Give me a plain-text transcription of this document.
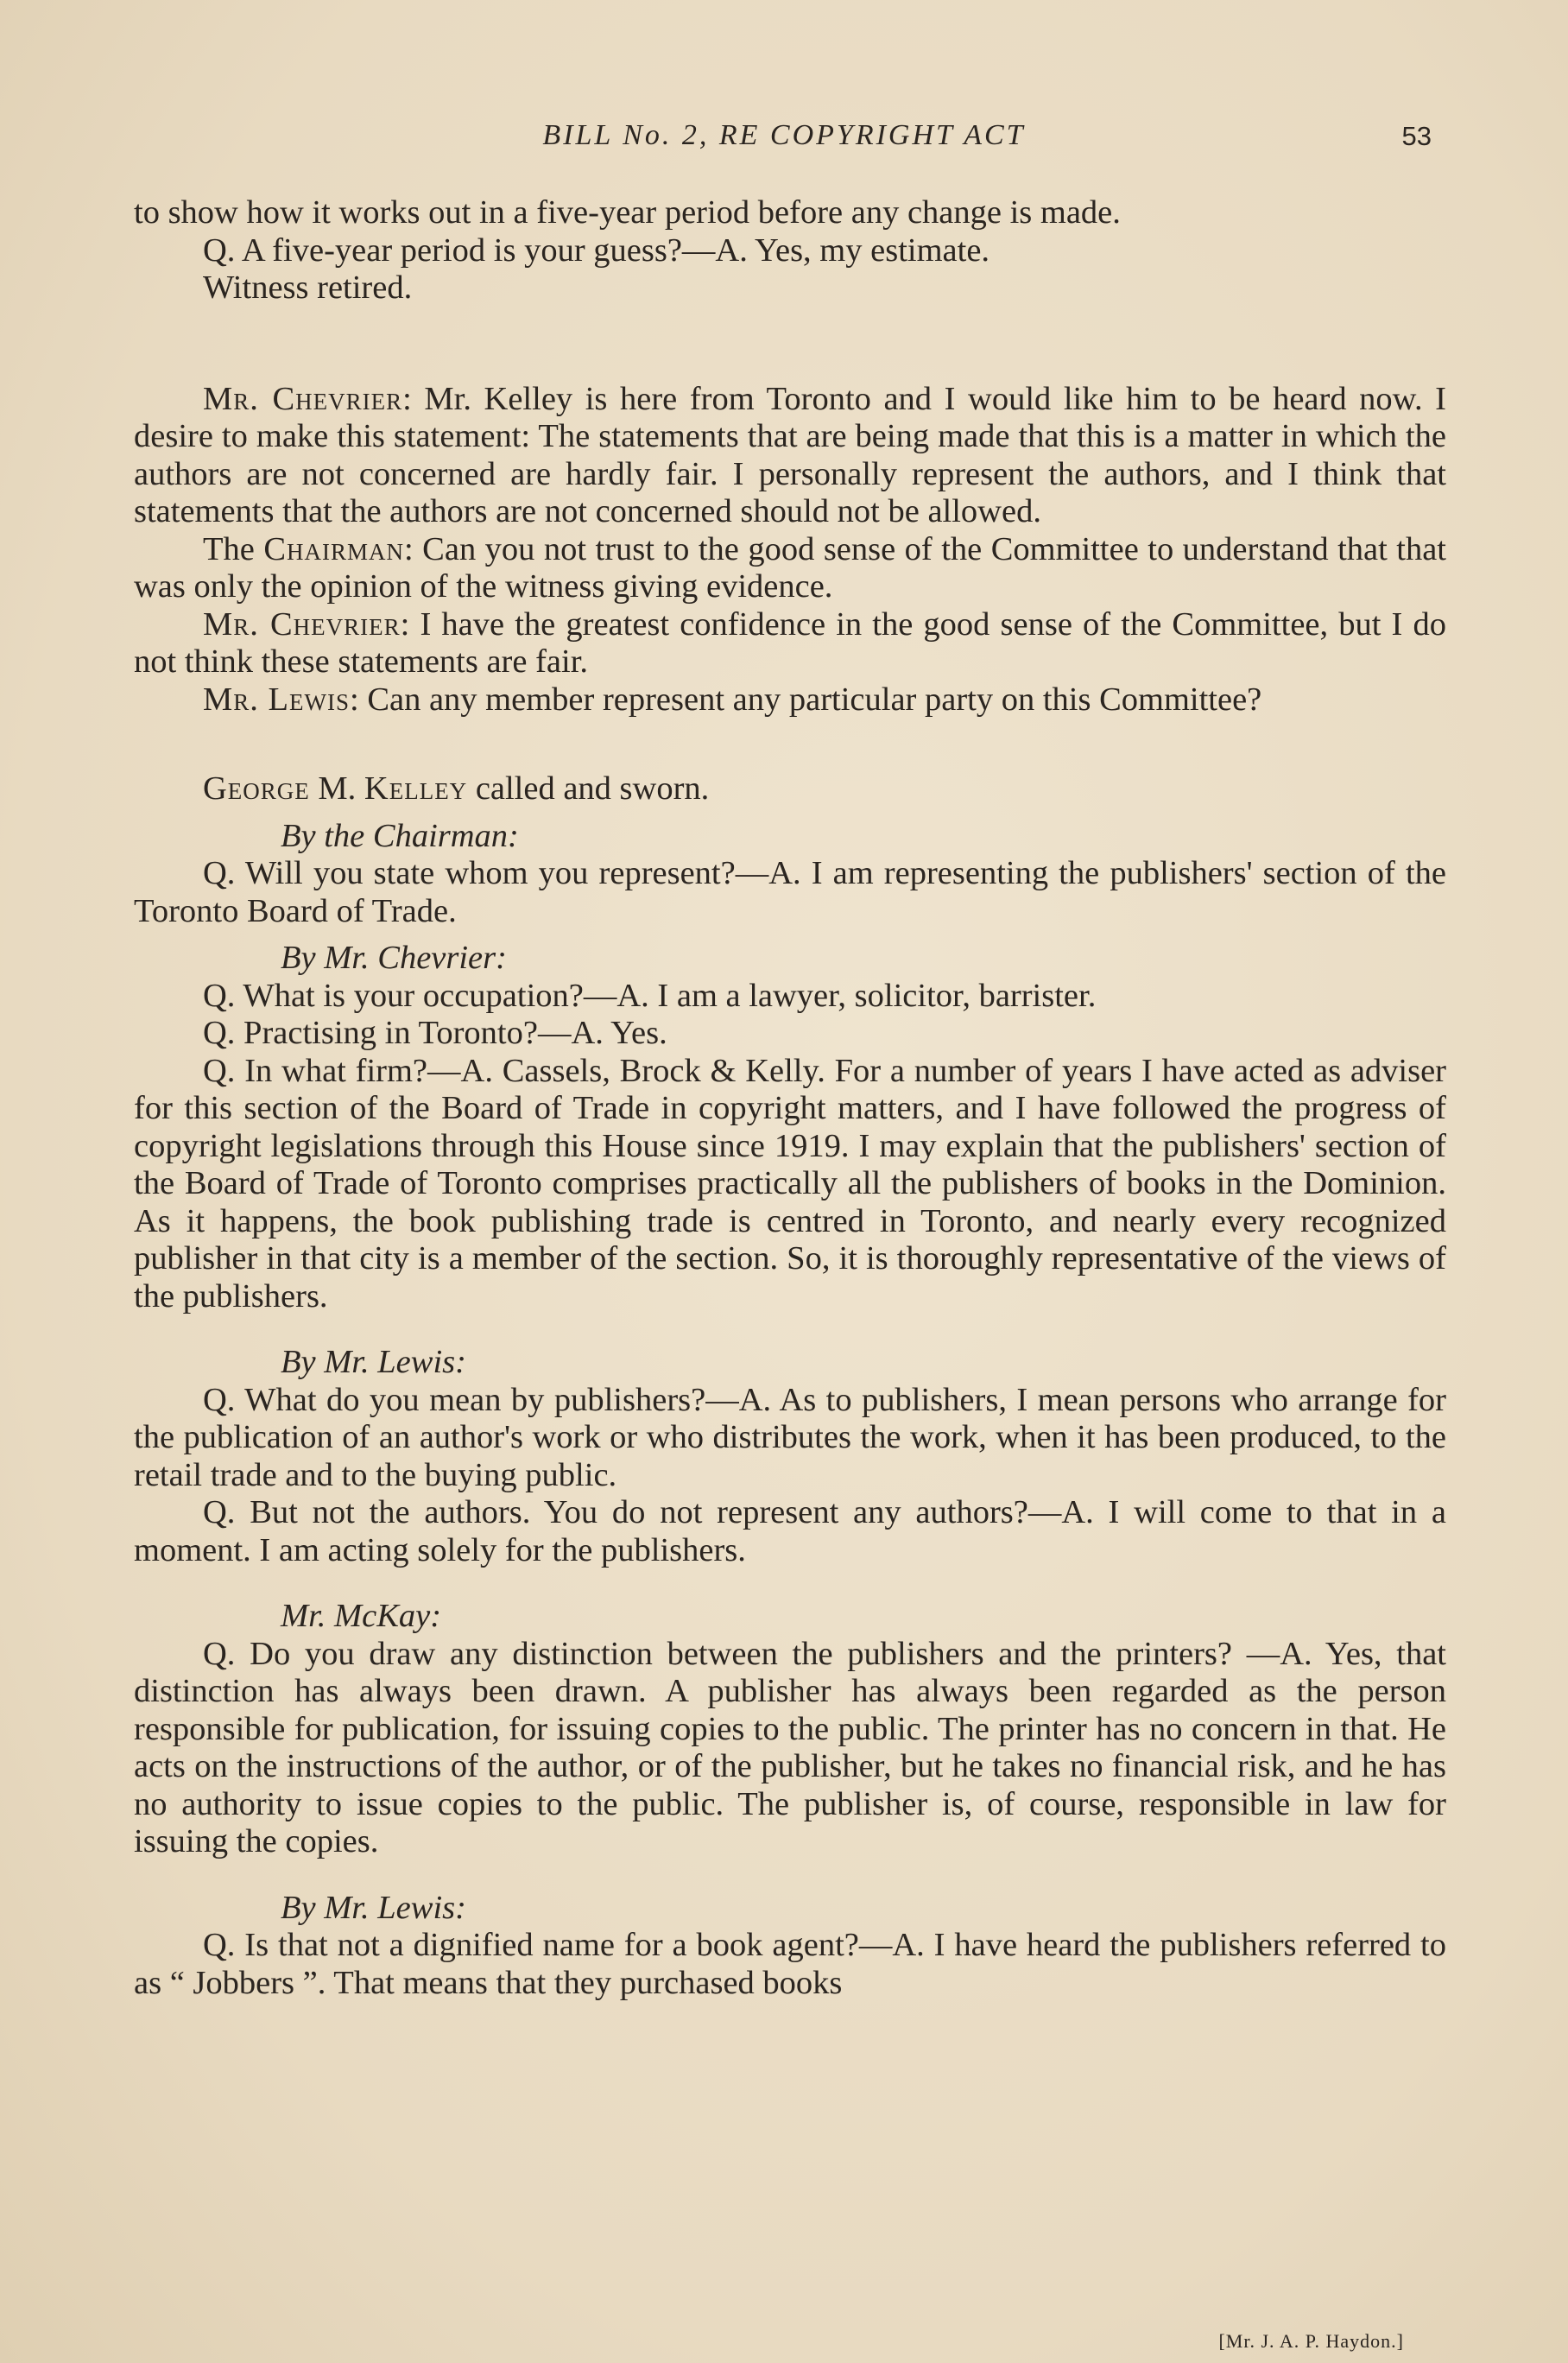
BILL No. 2, RE COPYRIGHT ACT	53

to show how it works out in a five-year period before any change is made.

Q. A five-year period is your guess?—A. Yes, my estimate.

Witness retired.

Mr. Chevrier: Mr. Kelley is here from Toronto and I would like him to be heard now. I desire to make this statement: The statements that are being made that this is a matter in which the authors are not concerned are hardly fair. I personally represent the authors, and I think that statements that the authors are not concerned should not be allowed.

The Chairman: Can you not trust to the good sense of the Committee to understand that that was only the opinion of the witness giving evidence.

Mr. Chevrier: I have the greatest confidence in the good sense of the Committee, but I do not think these statements are fair.

Mr. Lewis: Can any member represent any particular party on this Committee?

George M. Kelley called and sworn.

By the Chairman:

Q. Will you state whom you represent?—A. I am representing the publishers' section of the Toronto Board of Trade.

By Mr. Chevrier:

Q. What is your occupation?—A. I am a lawyer, solicitor, barrister.

Q. Practising in Toronto?—A. Yes.

Q. In what firm?—A. Cassels, Brock & Kelly. For a number of years I have acted as adviser for this section of the Board of Trade in copyright matters, and I have followed the progress of copyright legislations through this House since 1919. I may explain that the publishers' section of the Board of Trade of Toronto comprises practically all the publishers of books in the Dominion. As it happens, the book publishing trade is centred in Toronto, and nearly every recognized publisher in that city is a member of the section. So, it is thoroughly representative of the views of the publishers.

By Mr. Lewis:

Q. What do you mean by publishers?—A. As to publishers, I mean persons who arrange for the publication of an author's work or who distributes the work, when it has been produced, to the retail trade and to the buying public.

Q. But not the authors. You do not represent any authors?—A. I will come to that in a moment. I am acting solely for the publishers.

Mr. McKay:

Q. Do you draw any distinction between the publishers and the printers? —A. Yes, that distinction has always been drawn. A publisher has always been regarded as the person responsible for publication, for issuing copies to the public. The printer has no concern in that. He acts on the instructions of the author, or of the publisher, but he takes no financial risk, and he has no authority to issue copies to the public. The publisher is, of course, responsible in law for issuing the copies.

By Mr. Lewis:

Q. Is that not a dignified name for a book agent?—A. I have heard the publishers referred to as “ Jobbers ”. That means that they purchased books

[Mr. J. A. P. Haydon.]
